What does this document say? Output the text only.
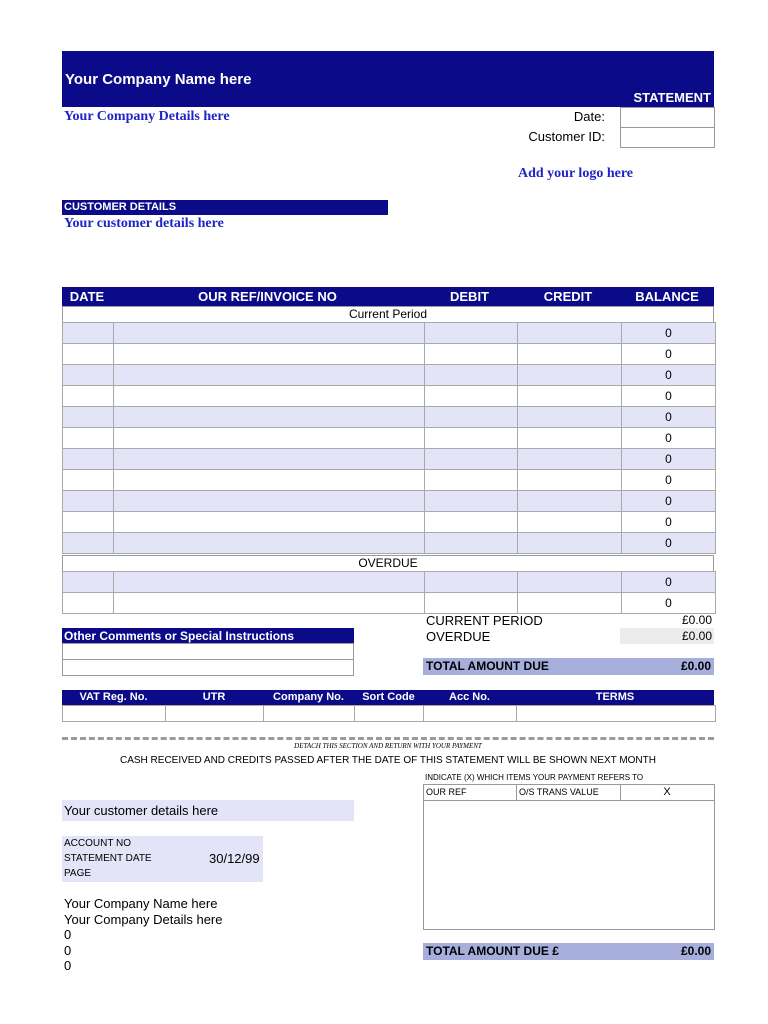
Your Company Name here
STATEMENT
Your Company Details here	Date:
Customer ID:
Add your logo here
CUSTOMER DETAILS
Your customer details here
DATE	OUR REF/INVOICE NO	DEBIT	CREDIT	BALANCE
Current Period
				0
				0
				0
				0
				0
				0
				0
				0
				0
				0
				0
OVERDUE
				0
				0
CURRENT PERIOD	£0.00
OVERDUE	£0.00
TOTAL AMOUNT DUE	£0.00
Other Comments or Special Instructions
VAT Reg. No.	UTR	Company No.	Sort Code	Acc No.	TERMS

DETACH THIS SECTION AND RETURN WITH YOUR PAYMENT
CASH RECEIVED AND CREDITS PASSED AFTER THE DATE OF THIS STATEMENT WILL BE SHOWN NEXT MONTH
INDICATE (X) WHICH ITEMS YOUR PAYMENT REFERS TO
OUR REF	O/S TRANS VALUE	X
TOTAL AMOUNT DUE £	£0.00
Your customer details here
ACCOUNT NO
STATEMENT DATE	30/12/99
PAGE
Your Company Name here
Your Company Details here
0
0
0
